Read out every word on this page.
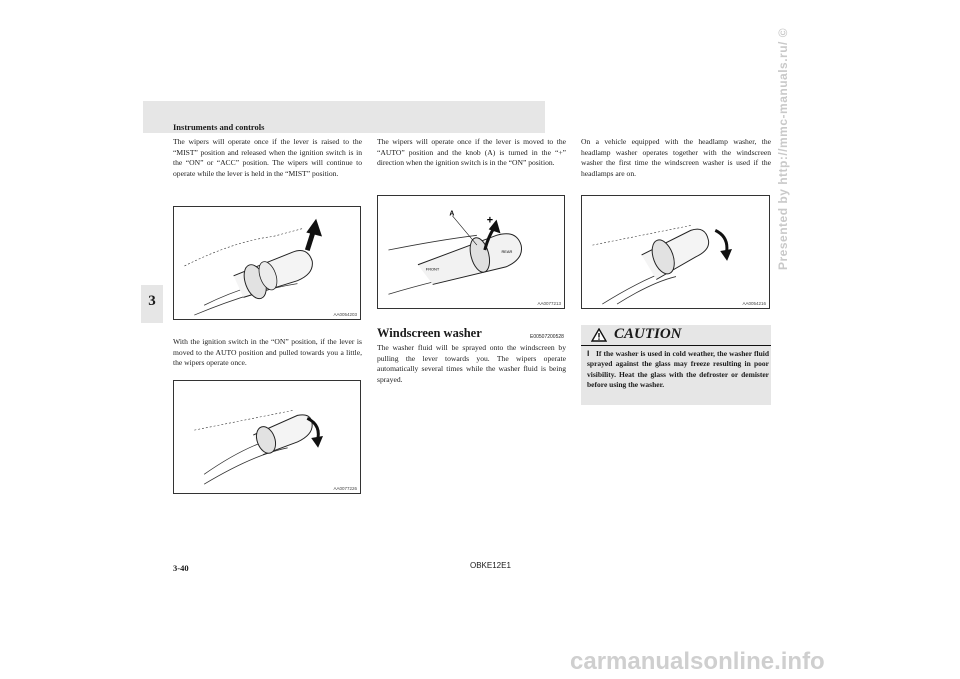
Instruments and controls
3

The wipers will operate once if the lever is raised to the “MIST” position and released when the ignition switch is in the “ON” or “ACC” position. The wipers will continue to operate while the lever is held in the “MIST” position.

AA0054203

With the ignition switch in the “ON” position, if the lever is moved to the AUTO position and pulled towards you a little, the wipers operate once.

AA0077226

The wipers will operate once if the lever is moved to the “AUTO” position and the knob (A) is turned in the “+” direction when the ignition switch is in the “ON” position.

A
+
FRONT
REAR
AA0077213
Windscreen washer	E00507200528

The washer fluid will be sprayed onto the windscreen by pulling the lever towards you. The wipers operate automatically several times while the washer fluid is being sprayed.

On a vehicle equipped with the headlamp washer, the headlamp washer operates together with the windscreen washer the first time the windscreen washer is used if the headlamps are on.

AA0054216
CAUTION
l If the washer is used in cold weather, the washer fluid sprayed against the glass may freeze resulting in poor visibility. Heat the glass with the defroster or demister before using the washer.
3-40	OBKE12E1
Presented by http://mmc-manuals.ru/ ©
carmanualsonline.info
